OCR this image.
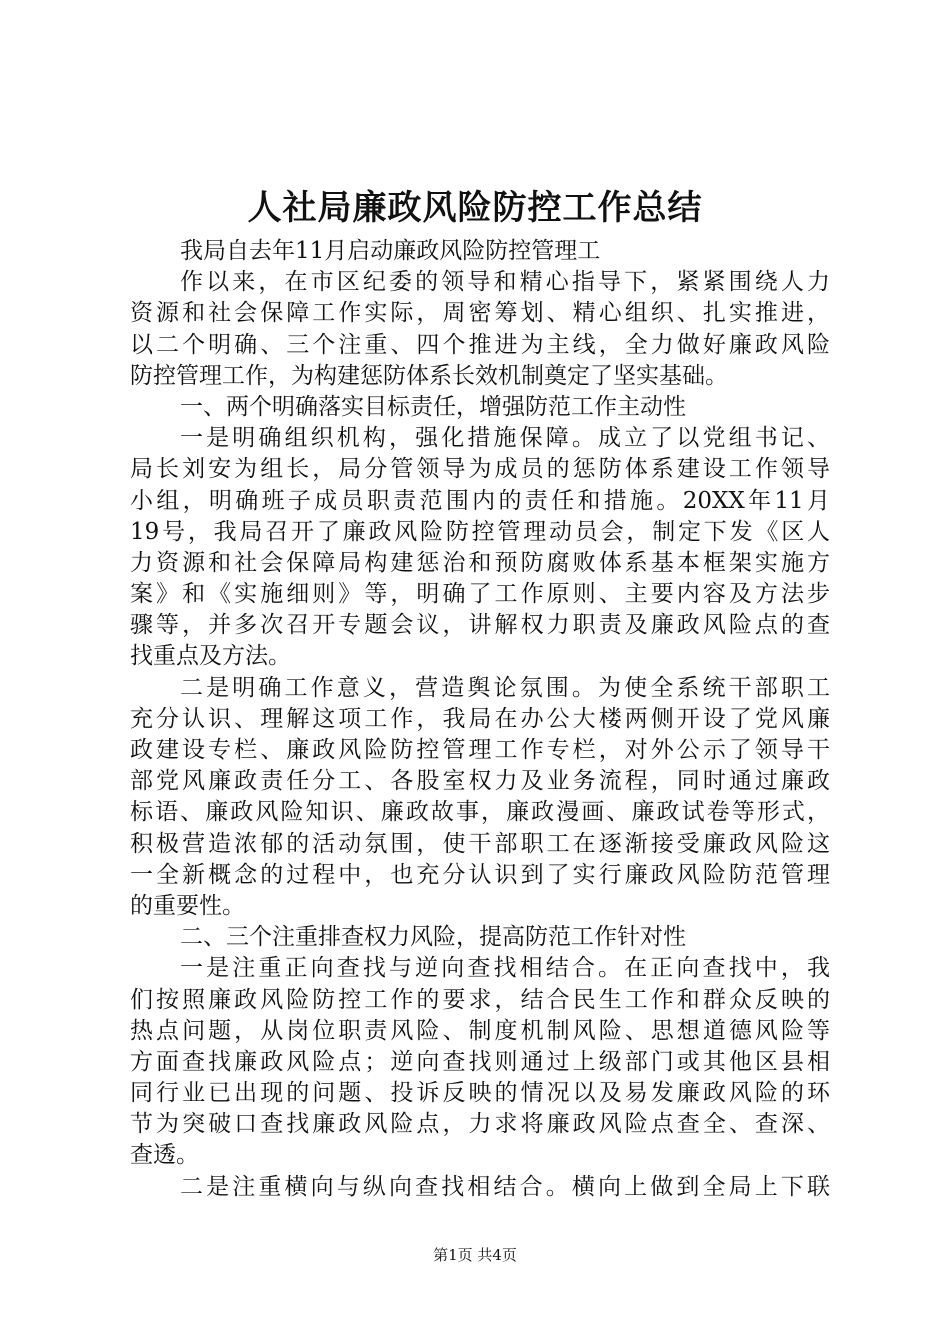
人社局廉政风险防控工作总结
我局自去年11月启动廉政风险防控管理工
作以来，在市区纪委的领导和精心指导下，紧紧围绕人力
资源和社会保障工作实际，周密筹划、精心组织、扎实推进，
以二个明确、三个注重、四个推进为主线，全力做好廉政风险
防控管理工作，为构建惩防体系长效机制奠定了坚实基础。
一、两个明确落实目标责任，增强防范工作主动性
一是明确组织机构，强化措施保障。成立了以党组书记、
局长刘安为组长，局分管领导为成员的惩防体系建设工作领导
小组，明确班子成员职责范围内的责任和措施。20XX年11月
19号，我局召开了廉政风险防控管理动员会，制定下发《区人
力资源和社会保障局构建惩治和预防腐败体系基本框架实施方
案》和《实施细则》等，明确了工作原则、主要内容及方法步
骤等，并多次召开专题会议，讲解权力职责及廉政风险点的查
找重点及方法。
二是明确工作意义，营造舆论氛围。为使全系统干部职工
充分认识、理解这项工作，我局在办公大楼两侧开设了党风廉
政建设专栏、廉政风险防控管理工作专栏，对外公示了领导干
部党风廉政责任分工、各股室权力及业务流程，同时通过廉政
标语、廉政风险知识、廉政故事，廉政漫画、廉政试卷等形式，
积极营造浓郁的活动氛围，使干部职工在逐渐接受廉政风险这
一全新概念的过程中，也充分认识到了实行廉政风险防范管理
的重要性。
二、三个注重排查权力风险，提高防范工作针对性
一是注重正向查找与逆向查找相结合。在正向查找中，我
们按照廉政风险防控工作的要求，结合民生工作和群众反映的
热点问题，从岗位职责风险、制度机制风险、思想道德风险等
方面查找廉政风险点；逆向查找则通过上级部门或其他区县相
同行业已出现的问题、投诉反映的情况以及易发廉政风险的环
节为突破口查找廉政风险点，力求将廉政风险点查全、查深、
查透。
二是注重横向与纵向查找相结合。横向上做到全局上下联
第1页 共4页
